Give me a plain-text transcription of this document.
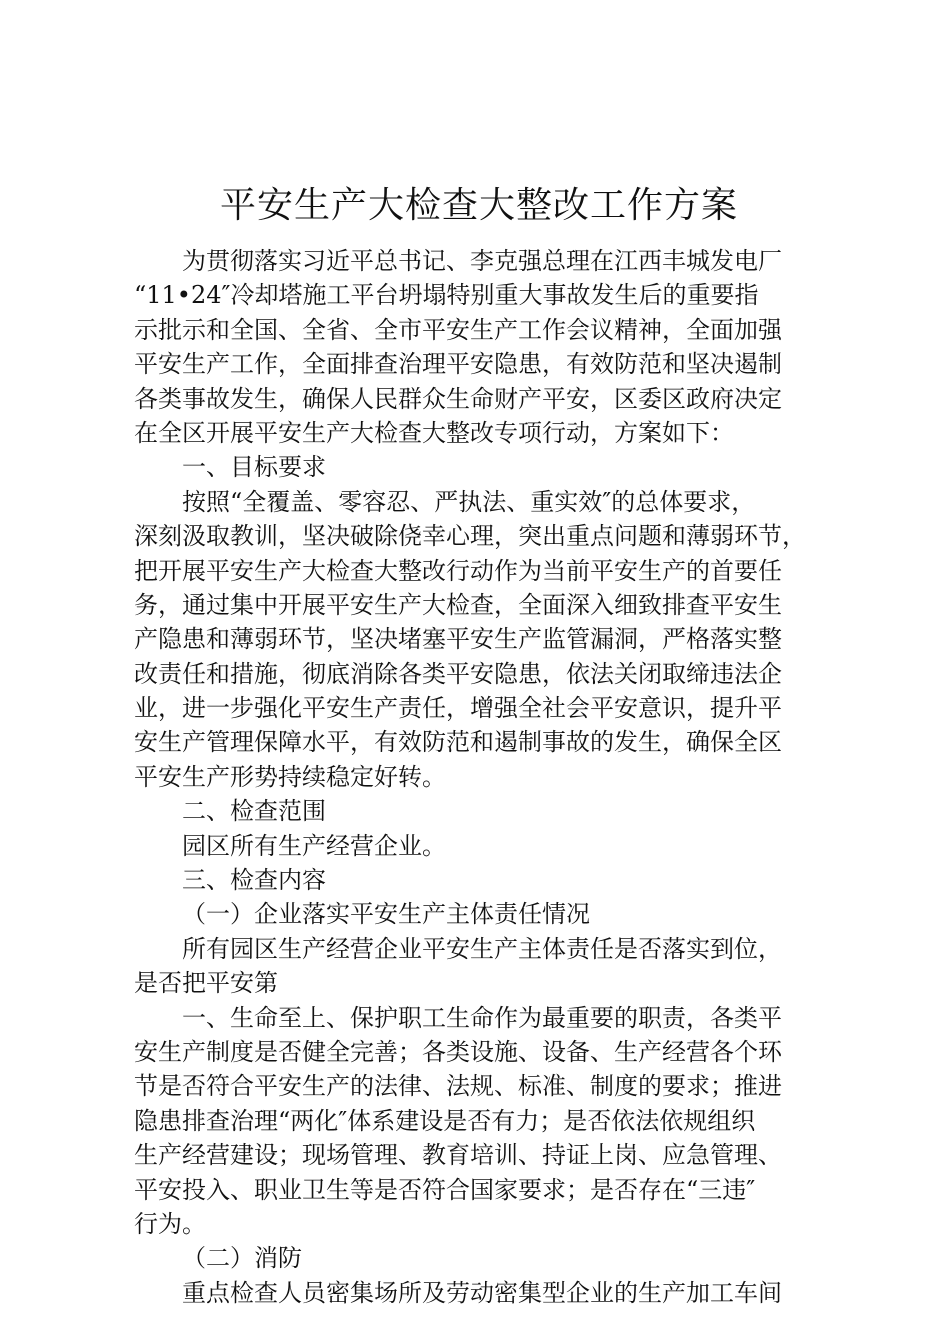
平安生产大检查大整改工作方案
为贯彻落实习近平总书记、李克强总理在江西丰城发电厂
“11•24″冷却塔施工平台坍塌特别重大事故发生后的重要指
示批示和全国、全省、全市平安生产工作会议精神，全面加强
平安生产工作，全面排查治理平安隐患，有效防范和坚决遏制
各类事故发生，确保人民群众生命财产平安，区委区政府决定
在全区开展平安生产大检查大整改专项行动，方案如下：
一、目标要求
按照“全覆盖、零容忍、严执法、重实效″的总体要求，
深刻汲取教训，坚决破除侥幸心理，突出重点问题和薄弱环节，
把开展平安生产大检查大整改行动作为当前平安生产的首要任
务，通过集中开展平安生产大检查，全面深入细致排查平安生
产隐患和薄弱环节，坚决堵塞平安生产监管漏洞，严格落实整
改责任和措施，彻底消除各类平安隐患，依法关闭取缔违法企
业，进一步强化平安生产责任，增强全社会平安意识，提升平
安生产管理保障水平，有效防范和遏制事故的发生，确保全区
平安生产形势持续稳定好转。
二、检查范围
园区所有生产经营企业。
三、检查内容
（一）企业落实平安生产主体责任情况
所有园区生产经营企业平安生产主体责任是否落实到位，
是否把平安第
一、生命至上、保护职工生命作为最重要的职责，各类平
安生产制度是否健全完善；各类设施、设备、生产经营各个环
节是否符合平安生产的法律、法规、标准、制度的要求；推进
隐患排查治理“两化″体系建设是否有力；是否依法依规组织
生产经营建设；现场管理、教育培训、持证上岗、应急管理、
平安投入、职业卫生等是否符合国家要求；是否存在“三违″
行为。
（二）消防
重点检查人员密集场所及劳动密集型企业的生产加工车间
